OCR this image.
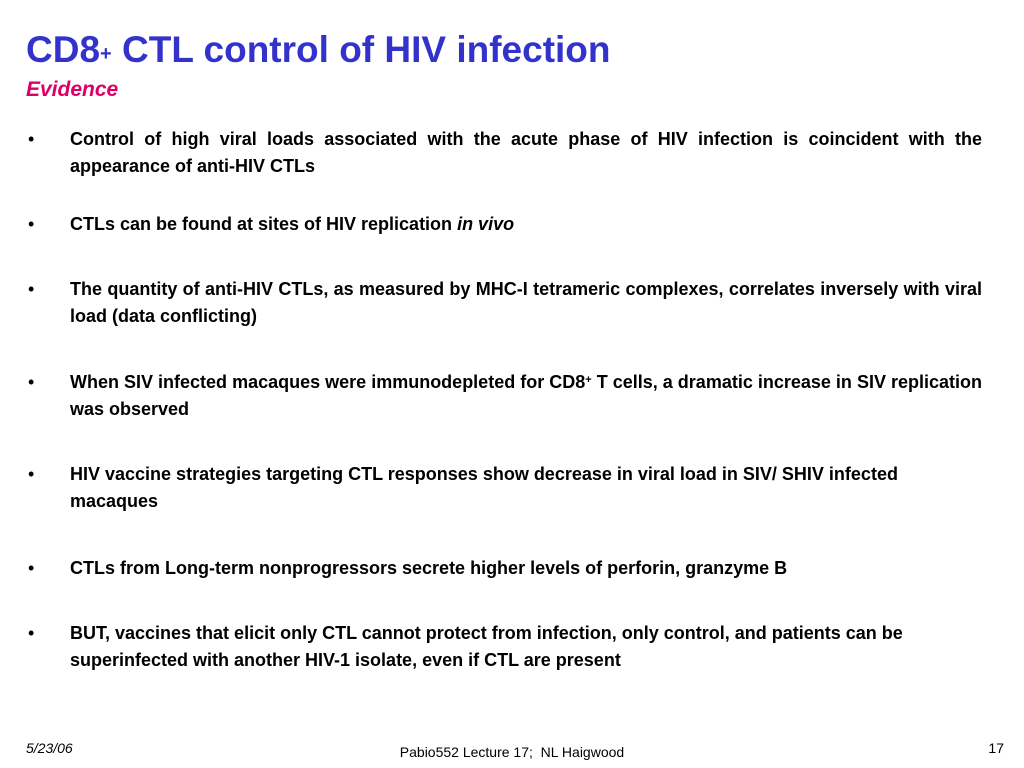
CD8+ CTL control of HIV infection
Evidence
• Control of high viral loads associated with the acute phase of HIV infection is coincident with the appearance of anti-HIV CTLs
• CTLs can be found at sites of HIV replication in vivo
• The quantity of anti-HIV CTLs, as measured by MHC-I tetrameric complexes, correlates inversely with viral load (data conflicting)
• When SIV infected macaques were immunodepleted for CD8+ T cells, a dramatic increase in SIV replication was observed
• HIV vaccine strategies targeting CTL responses show decrease in viral load in SIV/ SHIV infected macaques
• CTLs from Long-term nonprogressors secrete higher levels of perforin, granzyme B
• BUT, vaccines that elicit only CTL cannot protect from infection, only control, and patients can be superinfected with another HIV-1 isolate, even if CTL are present
5/23/06	Pabio552 Lecture 17;  NL Haigwood	17
